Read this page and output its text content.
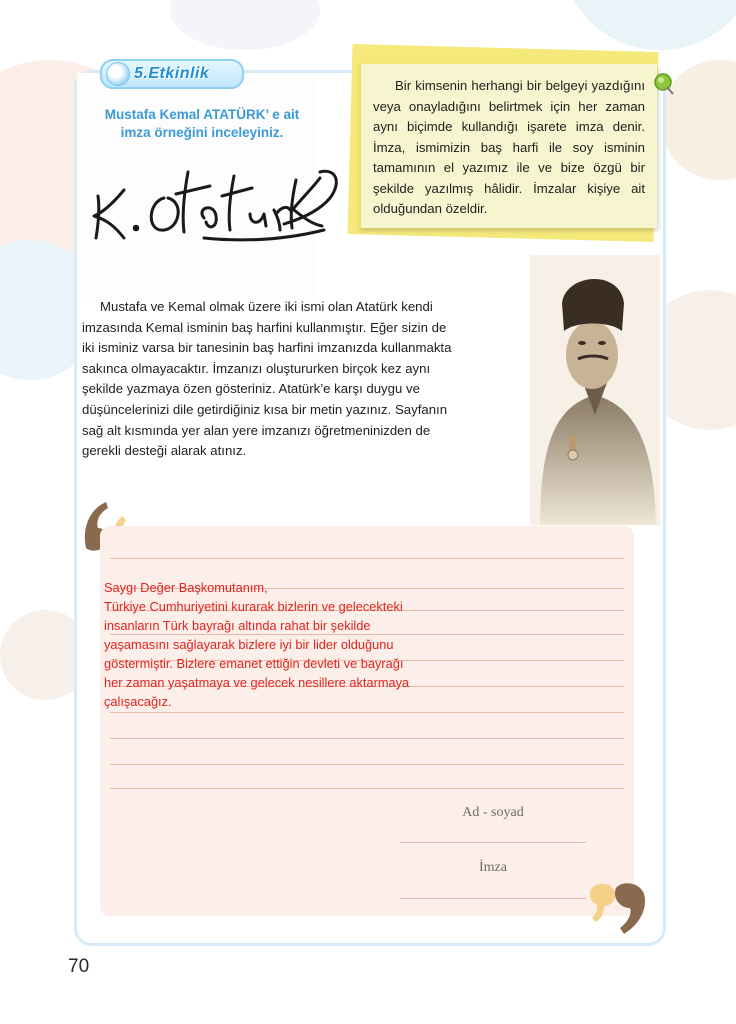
5.Etkinlik
Mustafa Kemal ATATÜRK’ e ait
imza örneğini inceleyiniz.

Bir kimsenin herhangi bir belgeyi yazdığını veya onayladığını belirtmek için her zaman aynı biçimde kullandığı işarete imza denir. İmza, ismimizin baş harfi ile soy isminin tamamının el yazımız ile ve bize özgü bir şekilde yazılmış hâlidir. İmzalar kişiye ait olduğundan özeldir.

Mustafa ve Kemal olmak üzere iki ismi olan Atatürk kendi imzasında Kemal isminin baş harfini kullanmıştır. Eğer sizin de iki isminiz varsa bir tanesinin baş harfini imzanızda kullanmakta sakınca olmayacaktır. İmzanızı oluştururken birçok kez aynı şekilde yazmaya özen gösteriniz. Atatürk’e karşı duygu ve düşüncelerinizi dile getirdiğiniz kısa bir metin yazınız. Sayfanın sağ alt kısmında yer alan yere imzanızı öğretmeninizden de gerekli desteği alarak atınız.

Saygı Değer Başkomutanım,
Türkiye Cumhuriyetini kurarak bizlerin ve gelecekteki
insanların Türk bayrağı altında rahat bir şekilde
yaşamasını sağlayarak bizlere iyi bir lider olduğunu
göstermiştir. Bizlere emanet ettiğin devleti ve bayrağı
her zaman yaşatmaya ve gelecek nesillere aktarmaya
çalışacağız.
Ad - soyad
İmza
70
